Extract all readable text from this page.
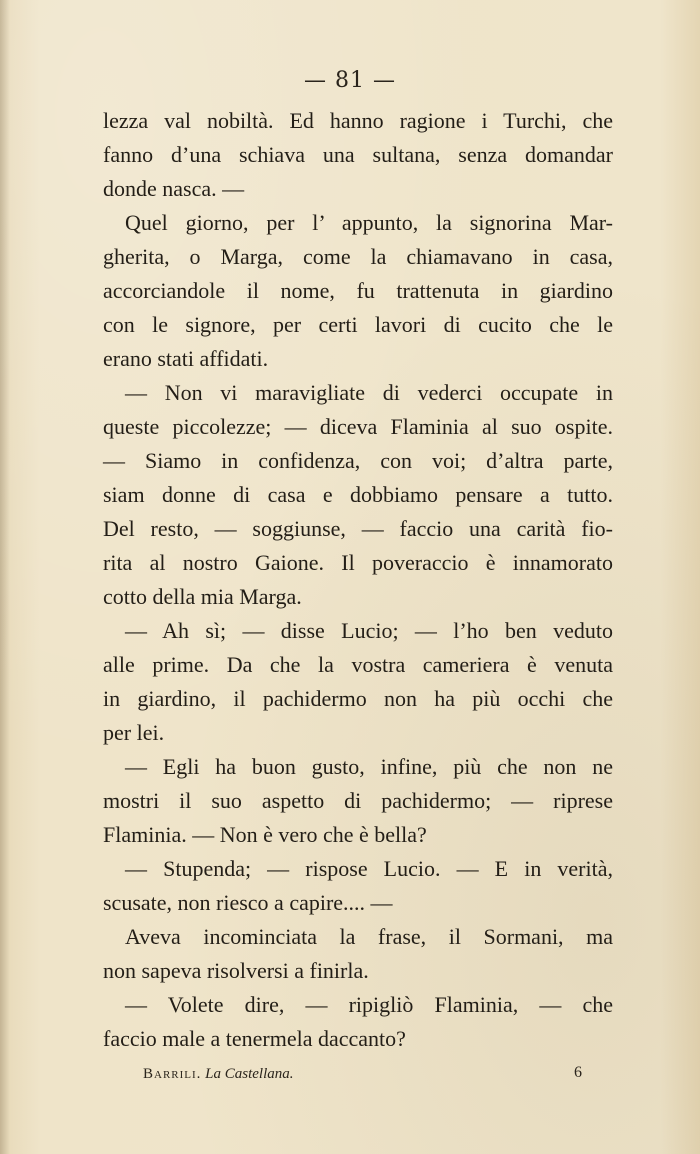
— 81 —
lezza val nobiltà. Ed hanno ragione i Turchi, che
fanno d’una schiava una sultana, senza domandar
donde nasca. —
Quel giorno, per l’ appunto, la signorina Mar-
gherita, o Marga, come la chiamavano in casa,
accorciandole il nome, fu trattenuta in giardino
con le signore, per certi lavori di cucito che le
erano stati affidati.
— Non vi maravigliate di vederci occupate in
queste piccolezze; — diceva Flaminia al suo ospite.
— Siamo in confidenza, con voi; d’altra parte,
siam donne di casa e dobbiamo pensare a tutto.
Del resto, — soggiunse, — faccio una carità fio-
rita al nostro Gaione. Il poveraccio è innamorato
cotto della mia Marga.
— Ah sì; — disse Lucio; — l’ho ben veduto
alle prime. Da che la vostra cameriera è venuta
in giardino, il pachidermo non ha più occhi che
per lei.
— Egli ha buon gusto, infine, più che non ne
mostri il suo aspetto di pachidermo; — riprese
Flaminia. — Non è vero che è bella?
— Stupenda; — rispose Lucio. — E in verità,
scusate, non riesco a capire.... —
Aveva incominciata la frase, il Sormani, ma
non sapeva risolversi a finirla.
— Volete dire, — ripigliò Flaminia, — che
faccio male a tenermela daccanto?
Barrili. La Castellana.	6
